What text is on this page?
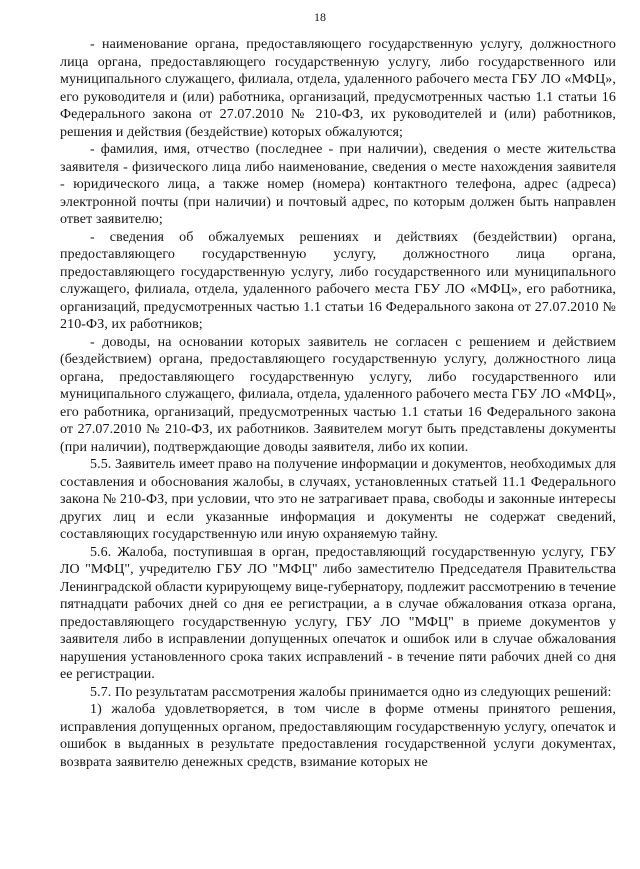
18

- наименование органа, предоставляющего государственную услугу, должностного лица органа, предоставляющего государственную услугу, либо государственного или муниципального служащего, филиала, отдела, удаленного рабочего места ГБУ ЛО «МФЦ», его руководителя и (или) работника, организаций, предусмотренных частью 1.1 статьи 16 Федерального закона от 27.07.2010 № 210-ФЗ, их руководителей и (или) работников, решения и действия (бездействие) которых обжалуются;

- фамилия, имя, отчество (последнее - при наличии), сведения о месте жительства заявителя - физического лица либо наименование, сведения о месте нахождения заявителя - юридического лица, а также номер (номера) контактного телефона, адрес (адреса) электронной почты (при наличии) и почтовый адрес, по которым должен быть направлен ответ заявителю;

- сведения об обжалуемых решениях и действиях (бездействии) органа, предоставляющего государственную услугу, должностного лица органа, предоставляющего государственную услугу, либо государственного или муниципального служащего, филиала, отдела, удаленного рабочего места ГБУ ЛО «МФЦ», его работника, организаций, предусмотренных частью 1.1 статьи 16 Федерального закона от 27.07.2010 № 210-ФЗ, их работников;

- доводы, на основании которых заявитель не согласен с решением и действием (бездействием) органа, предоставляющего государственную услугу, должностного лица органа, предоставляющего государственную услугу, либо государственного или муниципального служащего, филиала, отдела, удаленного рабочего места ГБУ ЛО «МФЦ», его работника, организаций, предусмотренных частью 1.1 статьи 16 Федерального закона от 27.07.2010 № 210-ФЗ, их работников. Заявителем могут быть представлены документы (при наличии), подтверждающие доводы заявителя, либо их копии.

5.5. Заявитель имеет право на получение информации и документов, необходимых для составления и обоснования жалобы, в случаях, установленных статьей 11.1 Федерального закона № 210-ФЗ, при условии, что это не затрагивает права, свободы и законные интересы других лиц и если указанные информация и документы не содержат сведений, составляющих государственную или иную охраняемую тайну.

5.6. Жалоба, поступившая в орган, предоставляющий государственную услугу, ГБУ ЛО "МФЦ", учредителю ГБУ ЛО "МФЦ" либо заместителю Председателя Правительства Ленинградской области курирующему вице-губернатору, подлежит рассмотрению в течение пятнадцати рабочих дней со дня ее регистрации, а в случае обжалования отказа органа, предоставляющего государственную услугу, ГБУ ЛО "МФЦ" в приеме документов у заявителя либо в исправлении допущенных опечаток и ошибок или в случае обжалования нарушения установленного срока таких исправлений - в течение пяти рабочих дней со дня ее регистрации.

5.7. По результатам рассмотрения жалобы принимается одно из следующих решений:

1) жалоба удовлетворяется, в том числе в форме отмены принятого решения, исправления допущенных органом, предоставляющим государственную услугу, опечаток и ошибок в выданных в результате предоставления государственной услуги документах, возврата заявителю денежных средств, взимание которых не
